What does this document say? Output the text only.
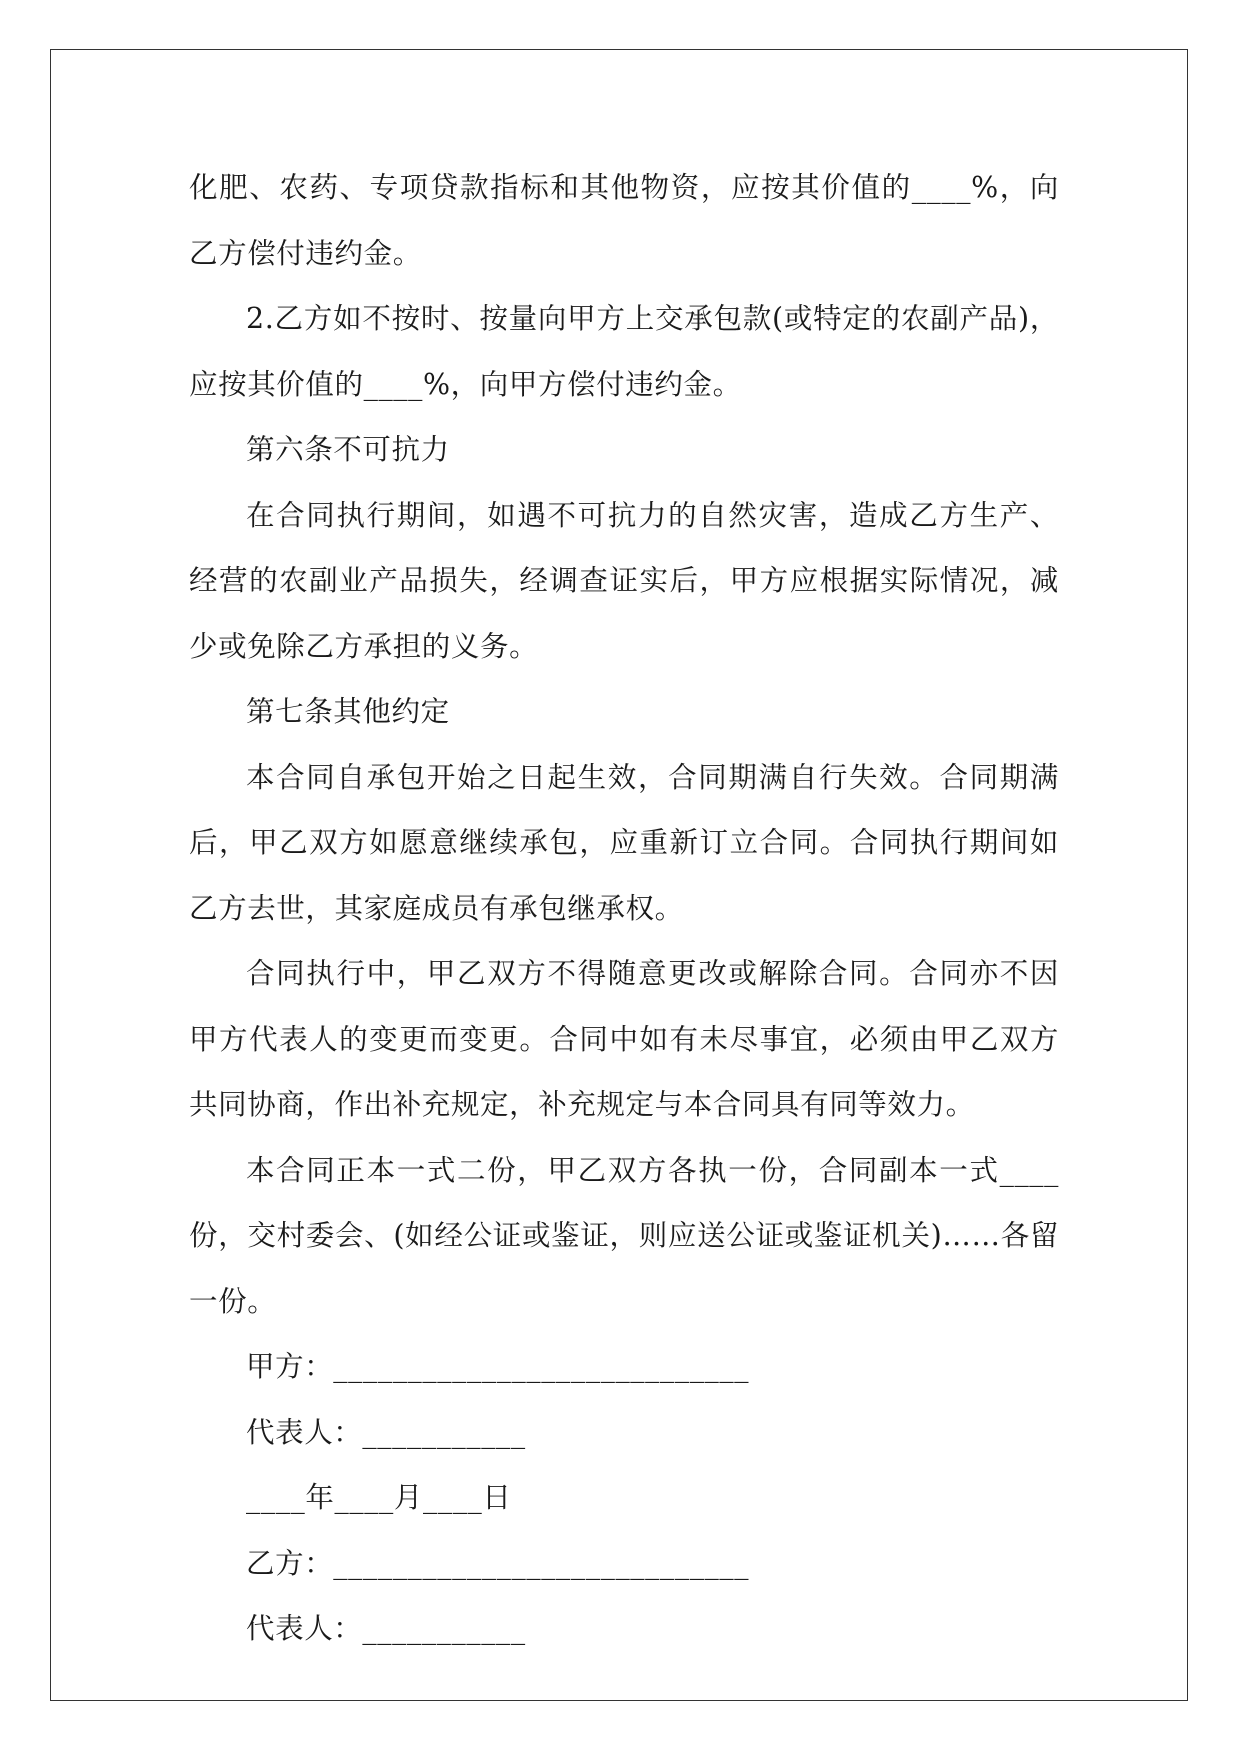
化肥、农药、专项贷款指标和其他物资，应按其价值的____%，向乙方偿付违约金。

2.乙方如不按时、按量向甲方上交承包款(或特定的农副产品)，应按其价值的____%，向甲方偿付违约金。

第六条不可抗力

在合同执行期间，如遇不可抗力的自然灾害，造成乙方生产、经营的农副业产品损失，经调查证实后，甲方应根据实际情况，减少或免除乙方承担的义务。

第七条其他约定

本合同自承包开始之日起生效，合同期满自行失效。合同期满后，甲乙双方如愿意继续承包，应重新订立合同。合同执行期间如乙方去世，其家庭成员有承包继承权。

合同执行中，甲乙双方不得随意更改或解除合同。合同亦不因甲方代表人的变更而变更。合同中如有未尽事宜，必须由甲乙双方共同协商，作出补充规定，补充规定与本合同具有同等效力。

本合同正本一式二份，甲乙双方各执一份，合同副本一式____份，交村委会、(如经公证或鉴证，则应送公证或鉴证机关)……各留一份。

甲方：____________________________

代表人：___________

____年____月____日

乙方：____________________________

代表人：___________
